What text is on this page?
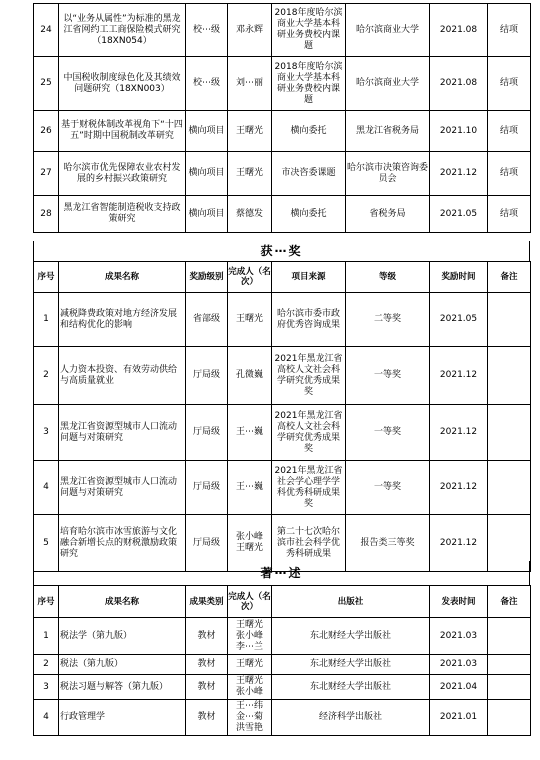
24	以“业务从属性”为标准的黑龙江省网约工工商保险模式研究（18XN054）	校⋯级	邓永辉	2018年度哈尔滨商业大学基本科研业务费校内课题	哈尔滨商业大学	2021.08	结项
25	中国税收制度绿色化及其绩效问题研究（18XN003）	校⋯级	刘⋯丽	2018年度哈尔滨商业大学基本科研业务费校内课题	哈尔滨商业大学	2021.08	结项
26	基于财税体制改革视角下“十四五”时期中国税制改革研究	横向项目	王曙光	横向委托	黑龙江省税务局	2021.10	结项
27	哈尔滨市优先保障农业农村发展的乡村振兴政策研究	横向项目	王曙光	市决咨委课题	哈尔滨市决策咨询委员会	2021.12	结项
28	黑龙江省智能制造税收支持政策研究	横向项目	蔡德发	横向委托	省税务局	2021.05	结项
获⋯奖
序号	成果名称	奖励级别	完成人（名次）	项目来源	等级	奖励时间	备注
1	减税降费政策对地方经济发展和结构优化的影响	省部级	王曙光	哈尔滨市委市政府优秀咨询成果	二等奖	2021.05	
2	人力资本投资、有效劳动供给与高质量就业	厅局级	孔微巍	2021年黑龙江省高校人文社会科学研究优秀成果奖	一等奖	2021.12	
3	黑龙江省资源型城市人口流动问题与对策研究	厅局级	王⋯巍	2021年黑龙江省高校人文社会科学研究优秀成果奖	一等奖	2021.12	
4	黑龙江省资源型城市人口流动问题与对策研究	厅局级	王⋯巍	2021年黑龙江省社会学心理学学科优秀科研成果奖	一等奖	2021.12	
5	培育哈尔滨市冰雪旅游与文化融合新增长点的财税激励政策研究	厅局级	张小峰
王曙光	第二十七次哈尔滨市社会科学优秀科研成果	报告类三等奖	2021.12	
著⋯述
序号	成果名称	成果类别	完成人（名次）	出版社	发表时间	备注
1	税法学（第九版）	教材	王曙光
张小峰
李⋯兰	东北财经大学出版社	2021.03	
2	税法（第九版）	教材	王曙光	东北财经大学出版社	2021.03	
3	税法习题与解答（第九版）	教材	王曙光
张小峰	东北财经大学出版社	2021.04	
4	行政管理学	教材	王⋯纬
金⋯菊
洪雪艳	经济科学出版社	2021.01	
